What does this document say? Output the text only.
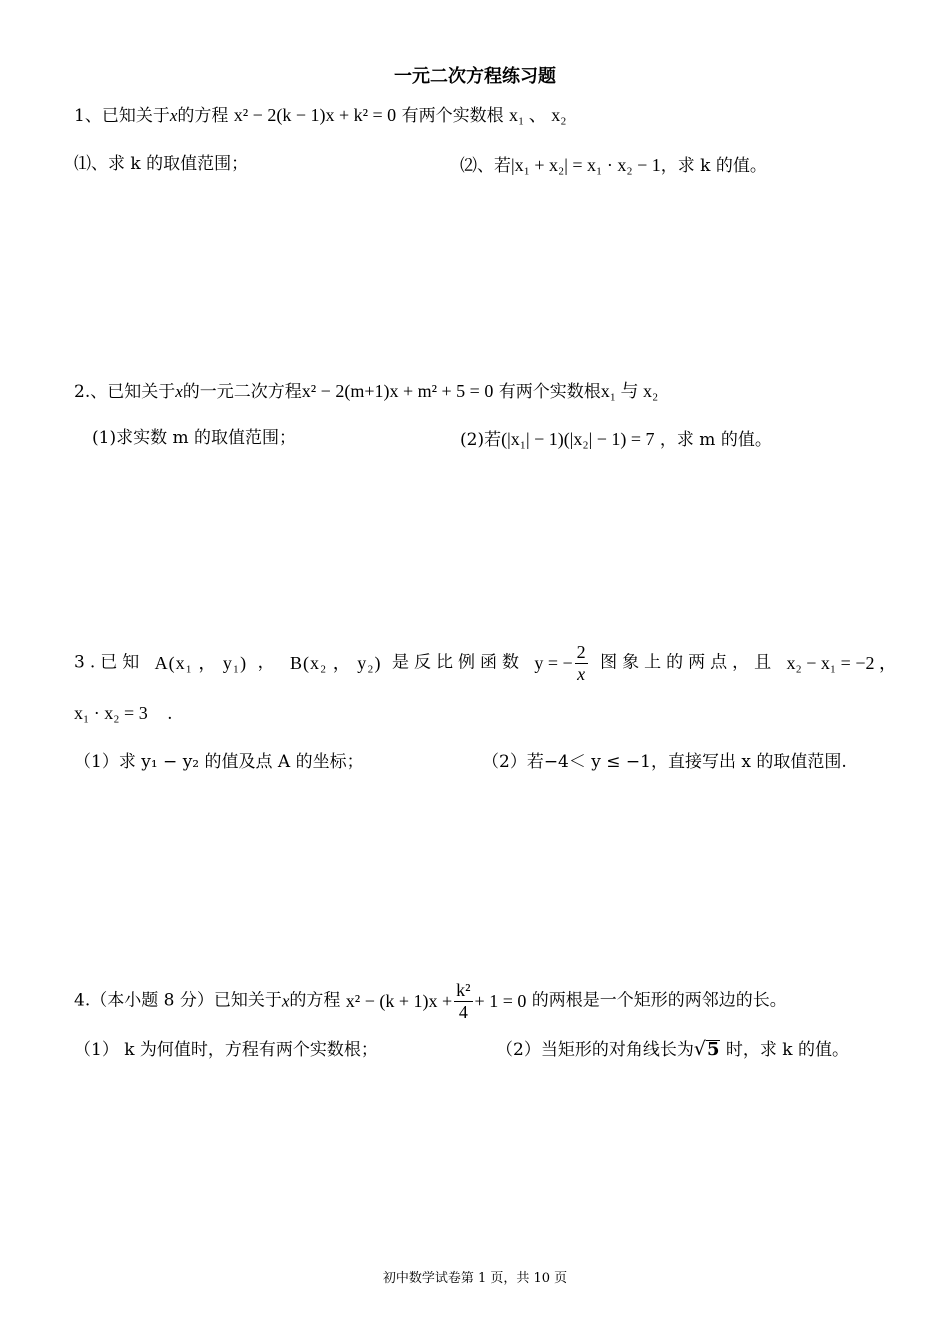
一元二次方程练习题
1、已知关于x的方程 x² − 2(k − 1)x + k² = 0 有两个实数根 x₁ 、 x₂
⑴、求 k 的取值范围；	⑵、若|x₁ + x₂| = x₁ · x₂ − 1，求 k 的值。
2.、已知关于x的一元二次方程x² − 2(m+1)x + m² + 5 = 0 有两个实数根x₁ 与 x₂
(1)求实数 m 的取值范围；	(2)若(|x₁| − 1)(|x₂| − 1) = 7 ，求 m 的值。
3.已知 A(x₁ ， y₁) ， B(x₂ ， y₂) 是反比例函数 y = − $\frac{2}{x}$ 图象上的两点，且 x₂ − x₁ = −2 ，
x₁ · x₂ = 3 .
（1）求 y₁ − y₂ 的值及点 A 的坐标；	（2）若−4＜ y ≤ −1，直接写出 x 的取值范围.
4.（本小题 8 分）已知关于x的方程 $x^2 - (k + 1)x + \frac{\text{k²}}{4} + 1 = 0$ 的两根是一个矩形的两邻边的长。
（1） k 为何值时，方程有两个实数根；	（2）当矩形的对角线长为√5 时，求 k 的值。
初中数学试卷第 1 页，共 10 页
